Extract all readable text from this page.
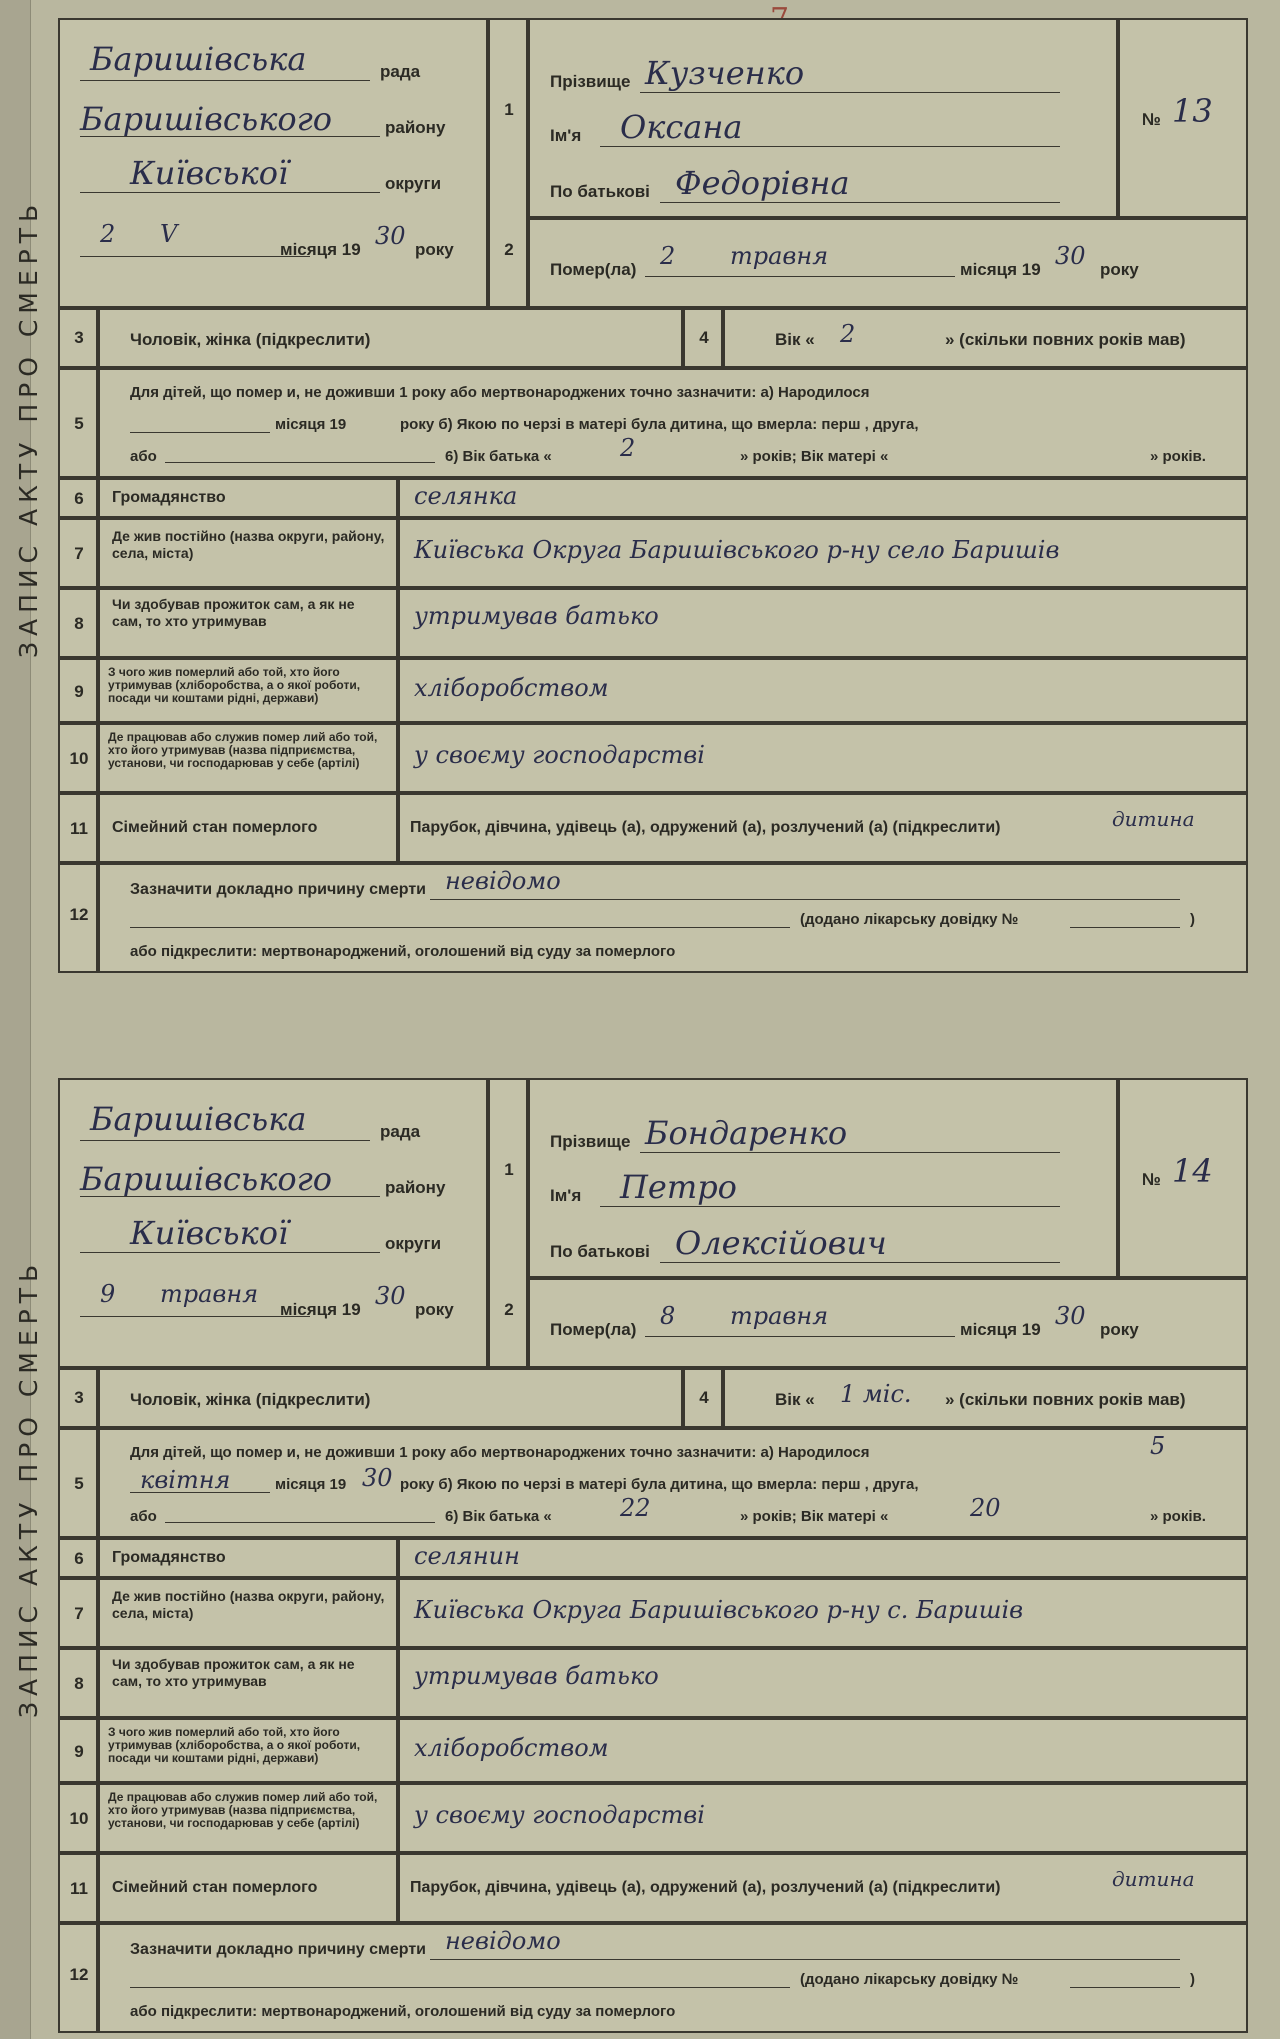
ЗАПИС АКТУ ПРО СМЕРТЬ
Баришівська	рада
Баришівського	району
Київської	округи
2 V
місяця 19 30 року
1
2
Прізвище Кузченко
Ім'я Оксана
По батькові Федорівна
№ 13
Помер(ла) 2 травня	місяця 19 30 року
3	Чоловік, жінка (підкреслити)	4	Вік « 2	» (скільки повних років мав)
5
Для дітей, що помер и, не доживши 1 року або мертвонароджених точно зазначити: а) Народилося
місяця 19	року б) Якою по черзі в матері була дитина, що вмерла: перш , друга,
або	6) Вік батька «	2	» років; Вік матері «	» років.
6	Громадянство	селянка
7
Де жив постійно (назва округи, району, села, міста)	Київська Округа Баришівського р-ну село Баришів
8
Чи здобував прожиток сам, а як не сам, то хто утримував	утримував батько
9
З чого жив померлий або той, хто його утримував (хліборобства, а о якої роботи, посади чи коштами рідні, держави)	хліборобством
10
Де працював або служив помер лий або той, хто його утримував (назва підприємства, установи, чи господарював у себе (артілі)	у своєму господарстві
11	Сімейний стан померлого	Парубок, дівчина, удівець (а), одружений (а), розлучений (а) (підкреслити)	дитина
12
Зазначити докладно причину смерти невідомо
(додано лікарську довідку №	)
або підкреслити: мертвонароджений, оголошений від суду за померлого
ЗАПИС АКТУ ПРО СМЕРТЬ
Баришівська	рада
Баришівського	району
Київської	округи
9 травня
місяця 19 30 року
1
2
Прізвище Бондаренко
Ім'я Петро
По батькові Олексійович
№ 14
Помер(ла) 8 травня	місяця 19 30 року
3	Чоловік, жінка (підкреслити)	4	Вік « 1 міс. » (скільки повних років мав)
5
Для дітей, що помер и, не доживши 1 року або мертвонароджених точно зазначити: а) Народилося	5
квітня	місяця 19 30 року б) Якою по черзі в матері була дитина, що вмерла: перш , друга,
або	6) Вік батька «	22	» років; Вік матері «	20	» років.
6	Громадянство	селянин
7
Де жив постійно (назва округи, району, села, міста)	Київська Округа Баришівського р-ну с. Баришів
8
Чи здобував прожиток сам, а як не сам, то хто утримував	утримував батько
9
З чого жив померлий або той, хто його утримував (хліборобства, а о якої роботи, посади чи коштами рідні, держави)	хліборобством
10
Де працював або служив помер лий або той, хто його утримував (назва підприємства, установи, чи господарював у себе (артілі)	у своєму господарстві
11	Сімейний стан померлого	Парубок, дівчина, удівець (а), одружений (а), розлучений (а) (підкреслити)	дитина
12
Зазначити докладно причину смерти невідомо
(додано лікарську довідку №	)
або підкреслити: мертвонароджений, оголошений від суду за померлого
